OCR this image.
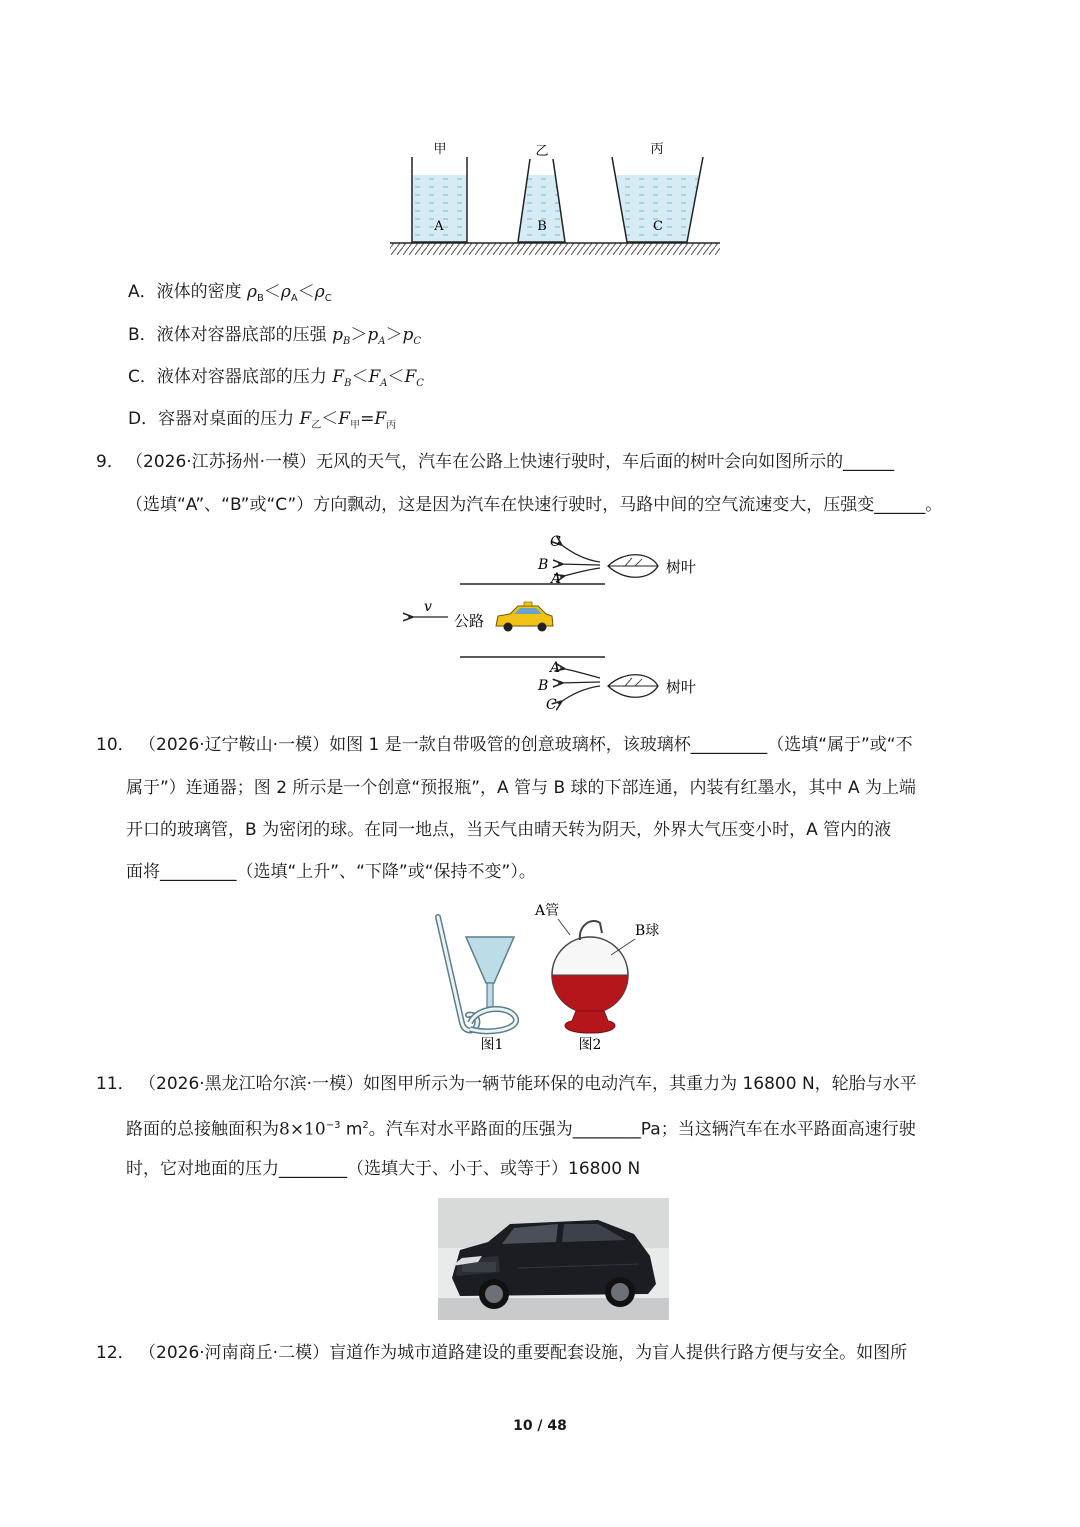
甲	乙	丙
A	B	C
A．液体的密度 $\rho_B<\rho_A<\rho_C$
B．液体对容器底部的压强 $p_B>p_A>p_C$
C．液体对容器底部的压力 $F_B<F_A<F_C$
D．容器对桌面的压力 $F_乙<F_甲=F_丙$
9． （2026·江苏扬州·一模）无风的天气，汽车在公路上快速行驶时，车后面的树叶会向如图所示的______
（选填“A”、“B”或“C”）方向飘动，这是因为汽车在快速行驶时，马路中间的空气流速变大，压强变______。
C
B
A
树叶
v
公路
A
B
C
树叶
10． （2026·辽宁鞍山·一模）如图 1 是一款自带吸管的创意玻璃杯，该玻璃杯_________（选填“属于”或“不
属于”）连通器；图 2 所示是一个创意“预报瓶”，A 管与 B 球的下部连通，内装有红墨水，其中 A 为上端
开口的玻璃管，B 为密闭的球。在同一地点，当天气由晴天转为阴天，外界大气压变小时，A 管内的液
面将_________（选填“上升”、“下降”或“保持不变”）。
A管
B球
图1	图2
11． （2026·黑龙江哈尔滨·一模）如图甲所示为一辆节能环保的电动汽车，其重力为 16800 N，轮胎与水平
路面的总接触面积为$8\times 10^{-3}$ $m^2$。汽车对水平路面的压强为________Pa；当这辆汽车在水平路面高速行驶
时，它对地面的压力________（选填大于、小于、或等于）16800 N
12． （2026·河南商丘·二模）盲道作为城市道路建设的重要配套设施，为盲人提供行路方便与安全。如图所
10 / 48
